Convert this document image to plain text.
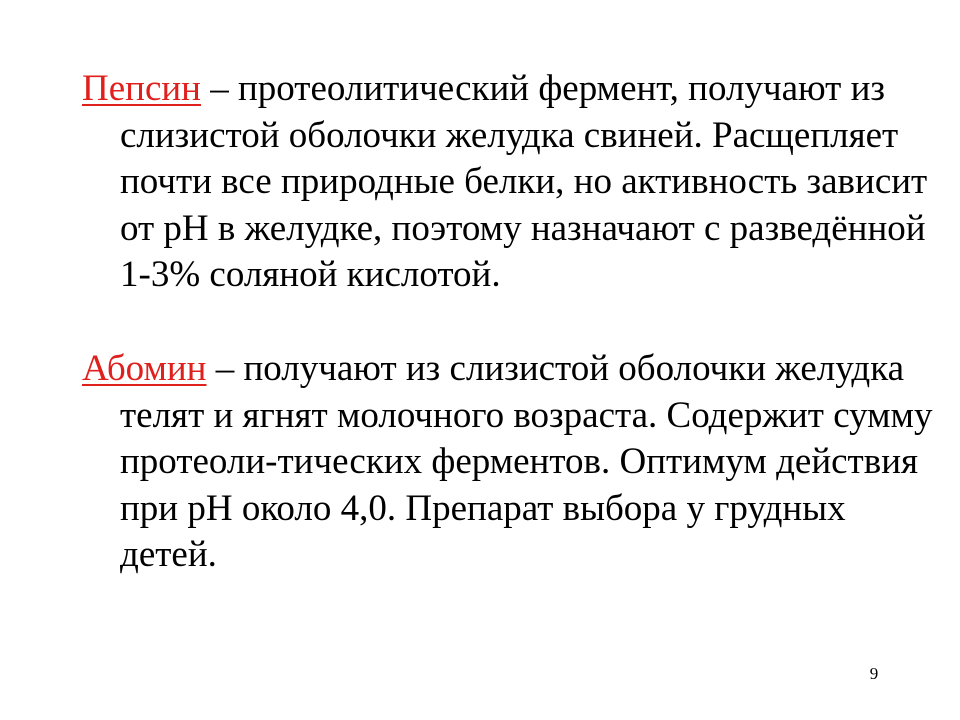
Пепсин – протеолитический фермент, получают из слизистой оболочки желудка свиней. Расщепляет почти все природные белки, но активность зависит от рН в желудке, поэтому назначают с разведённой 1-3% соляной кислотой.

Абомин – получают из слизистой оболочки желудка телят и ягнят молочного возраста. Содержит сумму протеоли-тических ферментов. Оптимум действия при рН около 4,0. Препарат выбора у грудных детей.

9
